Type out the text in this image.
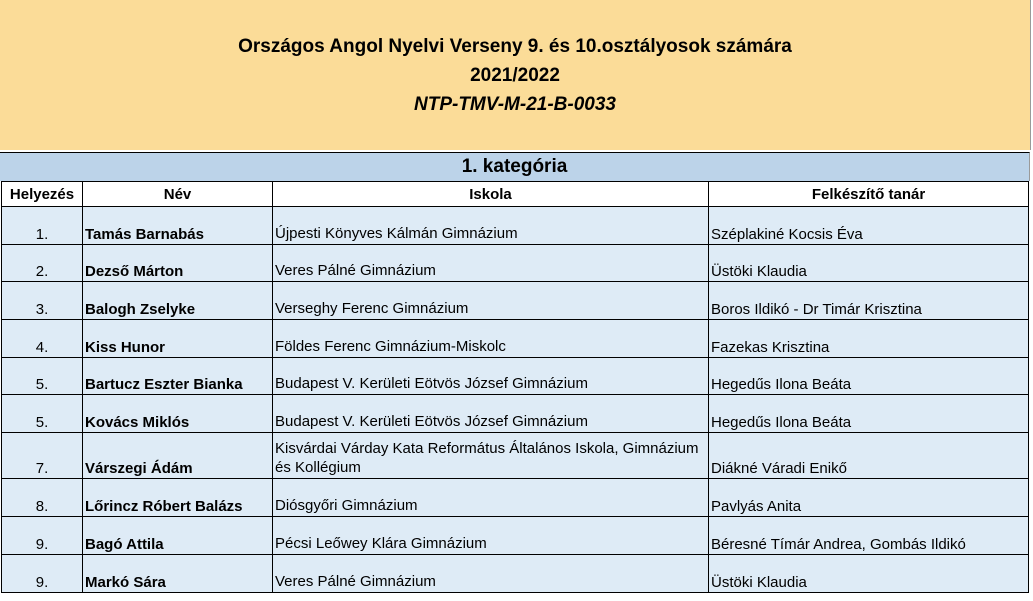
Országos Angol Nyelvi Verseny 9. és 10.osztályosok számára
2021/2022
NTP-TMV-M-21-B-0033
1. kategória
Helyezés	Név	Iskola	Felkészítő tanár
1.	Tamás Barnabás	Újpesti Könyves Kálmán Gimnázium	Széplakiné Kocsis Éva
2.	Dezső Márton	Veres Pálné Gimnázium	Üstöki Klaudia
3.	Balogh Zselyke	Verseghy Ferenc Gimnázium	Boros Ildikó - Dr Timár Krisztina
4.	Kiss Hunor	Földes Ferenc Gimnázium-Miskolc	Fazekas Krisztina
5.	Bartucz Eszter Bianka	Budapest V. Kerületi Eötvös József Gimnázium	Hegedűs Ilona Beáta
5.	Kovács Miklós	Budapest V. Kerületi Eötvös József Gimnázium	Hegedűs Ilona Beáta
7.	Várszegi Ádám	Kisvárdai Várday Kata Református Általános Iskola, Gimnázium és Kollégium	Diákné Váradi Enikő
8.	Lőrincz Róbert Balázs	Diósgyőri Gimnázium	Pavlyás Anita
9.	Bagó Attila	Pécsi Leőwey Klára Gimnázium	Béresné Tímár Andrea, Gombás Ildikó
9.	Markó Sára	Veres Pálné Gimnázium	Üstöki Klaudia
